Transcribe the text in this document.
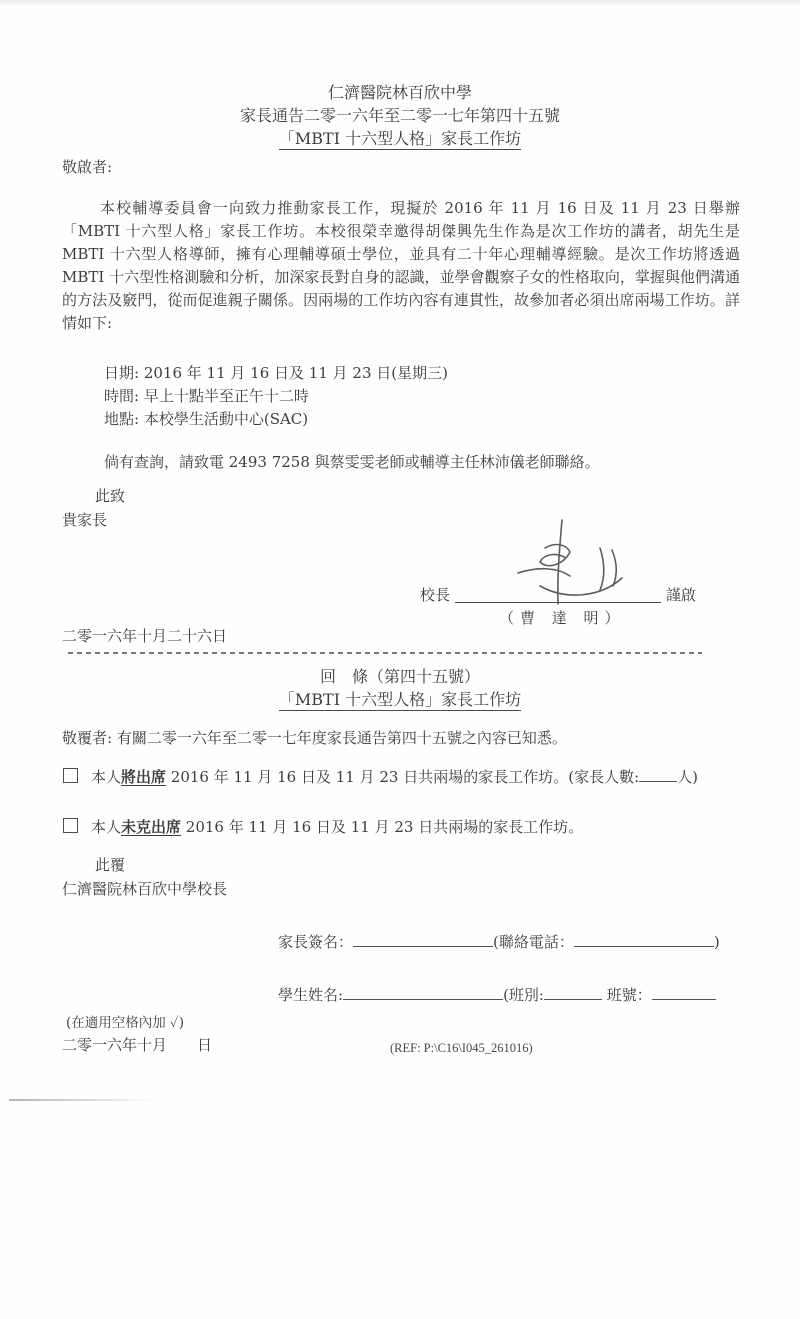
仁濟醫院林百欣中學
家長通告二零一六年至二零一七年第四十五號
「MBTI 十六型人格」家長工作坊
敬啟者:
本校輔導委員會一向致力推動家長工作，現擬於 2016 年 11 月 16 日及 11 月 23 日舉辦「MBTI 十六型人格」家長工作坊。本校很榮幸邀得胡傑興先生作為是次工作坊的講者，胡先生是 MBTI 十六型人格導師，擁有心理輔導碩士學位，並具有二十年心理輔導經驗。是次工作坊將透過 MBTI 十六型性格測驗和分析，加深家長對自身的認識，並學會觀察子女的性格取向，掌握與他們溝通的方法及竅門，從而促進親子關係。因兩場的工作坊內容有連貫性，故參加者必須出席兩場工作坊。詳情如下:
日期: 2016 年 11 月 16 日及 11 月 23 日(星期三)
時間: 早上十點半至正午十二時
地點: 本校學生活動中心(SAC)
倘有查詢，請致電 2493 7258 與蔡雯雯老師或輔導主任林沛儀老師聯絡。
此致
貴家長
校長	謹啟
（曹 達 明）
二零一六年十月二十六日
回　條（第四十五號）
「MBTI 十六型人格」家長工作坊
敬覆者: 有關二零一六年至二零一七年度家長通告第四十五號之內容已知悉。
本人將出席 2016 年 11 月 16 日及 11 月 23 日共兩場的家長工作坊。(家長人數:	人)
本人未克出席 2016 年 11 月 16 日及 11 月 23 日共兩場的家長工作坊。
此覆
仁濟醫院林百欣中學校長
家長簽名：	(聯絡電話：	)
學生姓名:	(班別:	班號：
(在適用空格內加 ✓)
二零一六年十月　　日	(REF: P:\C16\I045_261016)
